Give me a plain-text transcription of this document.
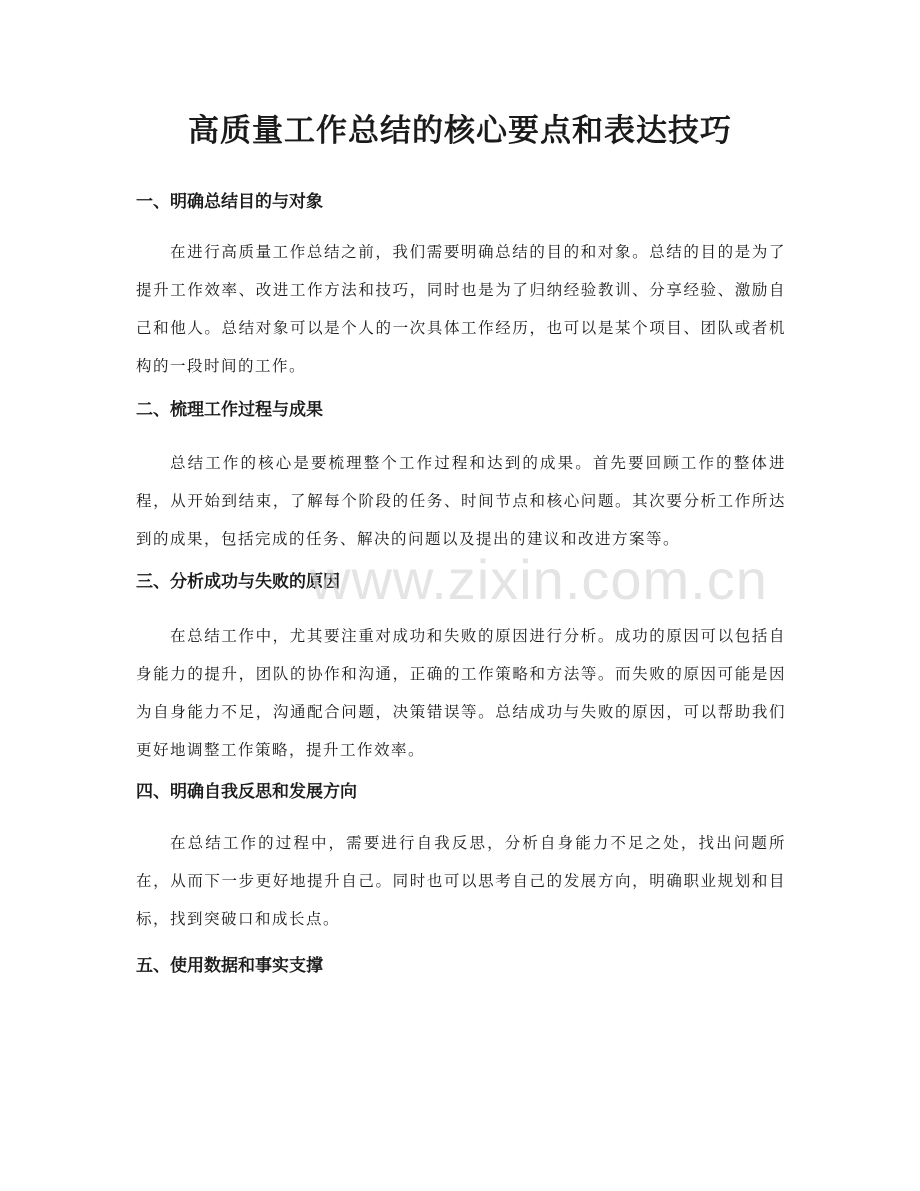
高质量工作总结的核心要点和表达技巧
一、明确总结目的与对象

在进行高质量工作总结之前，我们需要明确总结的目的和对象。总结的目的是为了提升工作效率、改进工作方法和技巧，同时也是为了归纳经验教训、分享经验、激励自己和他人。总结对象可以是个人的一次具体工作经历，也可以是某个项目、团队或者机构的一段时间的工作。

二、梳理工作过程与成果

总结工作的核心是要梳理整个工作过程和达到的成果。首先要回顾工作的整体进程，从开始到结束，了解每个阶段的任务、时间节点和核心问题。其次要分析工作所达到的成果，包括完成的任务、解决的问题以及提出的建议和改进方案等。

三、分析成功与失败的原因

在总结工作中，尤其要注重对成功和失败的原因进行分析。成功的原因可以包括自身能力的提升，团队的协作和沟通，正确的工作策略和方法等。而失败的原因可能是因为自身能力不足，沟通配合问题，决策错误等。总结成功与失败的原因，可以帮助我们更好地调整工作策略，提升工作效率。

四、明确自我反思和发展方向

在总结工作的过程中，需要进行自我反思，分析自身能力不足之处，找出问题所在，从而下一步更好地提升自己。同时也可以思考自己的发展方向，明确职业规划和目标，找到突破口和成长点。

五、使用数据和事实支撑
www.zixin.com.cn
